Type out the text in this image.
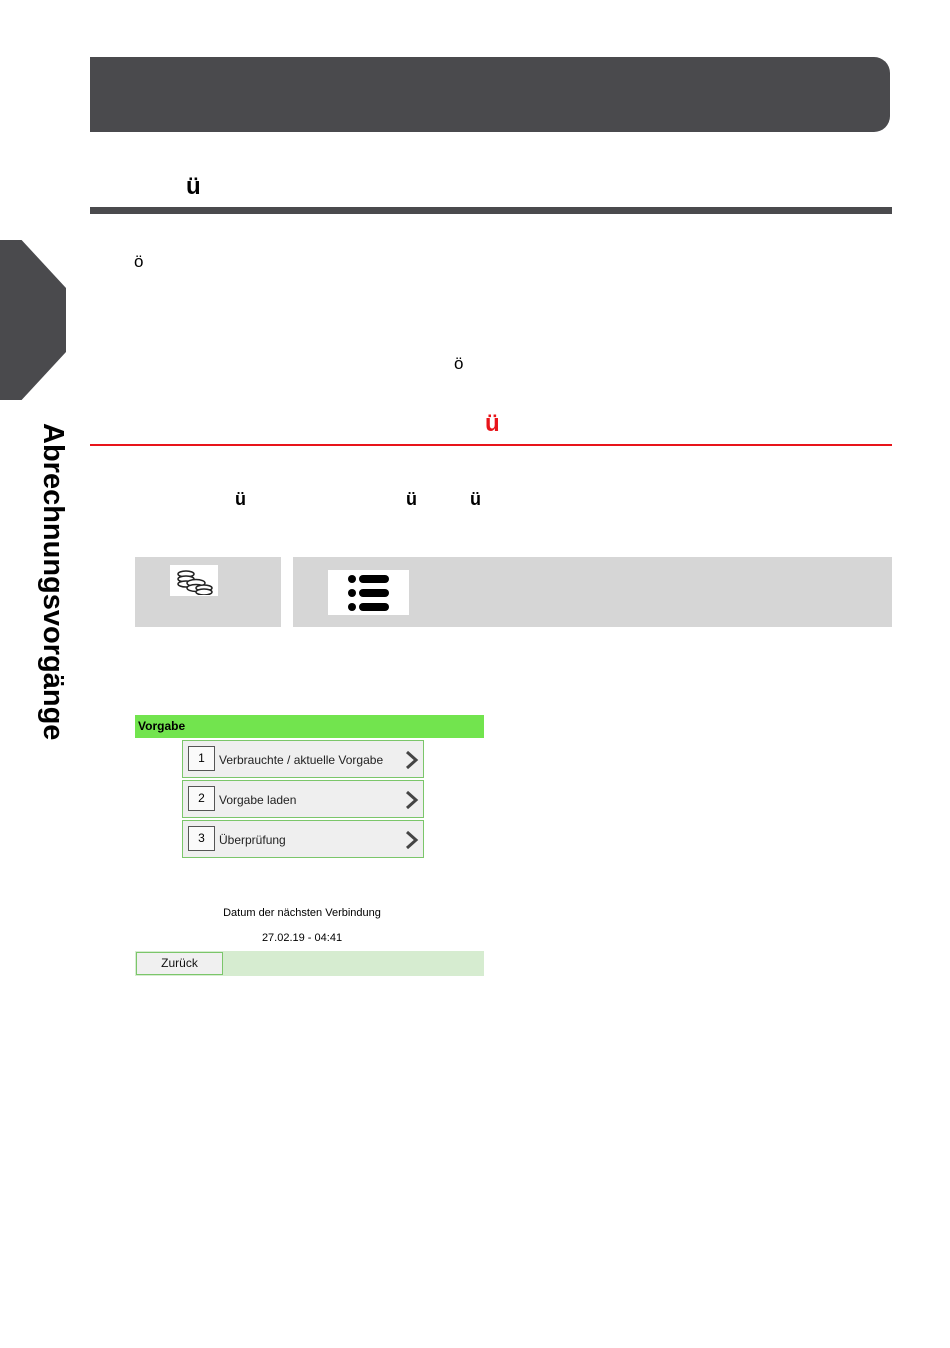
ü
Abrechnungsvorgänge
ö
ö
ü
ü	ü	ü
Vorgabe
1	Verbrauchte / aktuelle Vorgabe
2	Vorgabe laden
3	Überprüfung
Datum der nächsten Verbindung
27.02.19 - 04:41
Zurück
